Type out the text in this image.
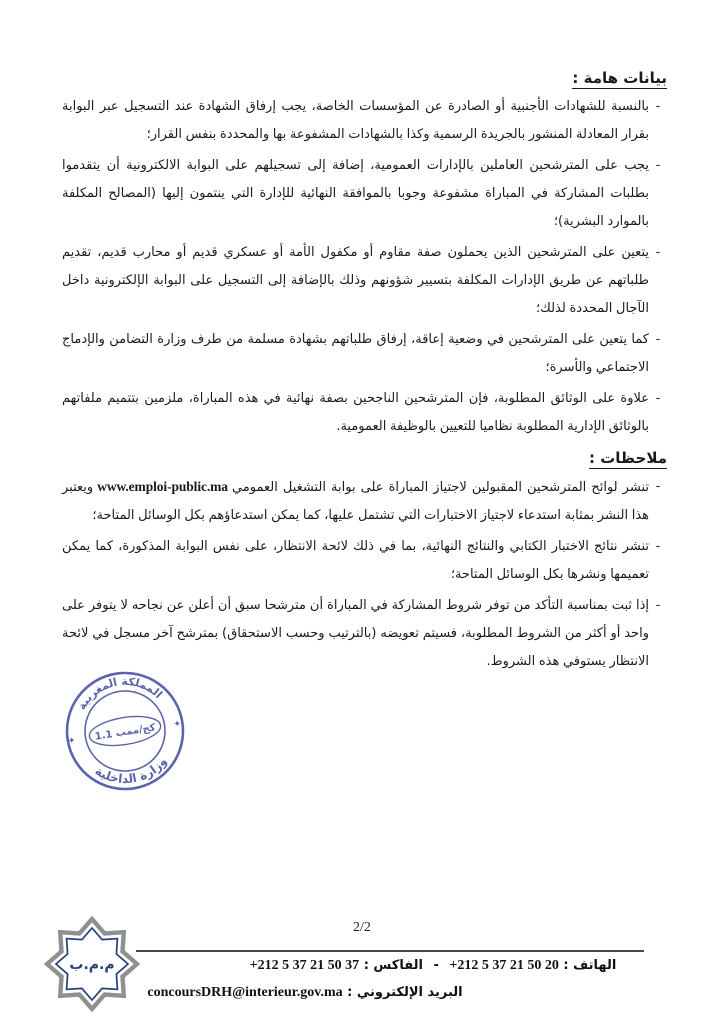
بيانات هامة :
-
بالنسبة للشهادات الأجنبية أو الصادرة عن المؤسسات الخاصة، يجب إرفاق الشهادة عند التسجيل عبر البوابة بقرار المعادلة المنشور بالجريدة الرسمية وكذا بالشهادات المشفوعة بها والمحددة بنفس القرار؛
-
يجب على المترشحين العاملين بالإدارات العمومية، إضافة إلى تسجيلهم على البوابة الالكترونية أن يتقدموا بطلبات المشاركة في المباراة مشفوعة وجوبا بالموافقة النهائية للإدارة التي ينتمون إليها (المصالح المكلفة بالموارد البشرية)؛
-
يتعين على المترشحين الذين يحملون صفة مقاوم أو مكفول الأمة أو عسكري قديم أو محارب قديم، تقديم طلباتهم عن طريق الإدارات المكلفة بتسيير شؤونهم وذلك بالإضافة إلى التسجيل على البوابة الإلكترونية داخل الآجال المحددة لذلك؛
-
كما يتعين على المترشحين في وضعية إعاقة، إرفاق طلباتهم بشهادة مسلمة من طرف وزارة التضامن والإدماج الاجتماعي والأسرة؛
-
علاوة على الوثائق المطلوبة، فإن المترشحين الناجحين بصفة نهائية في هذه المباراة، ملزمين بتتميم ملفاتهم بالوثائق الإدارية المطلوبة نظاميا للتعيين بالوظيفة العمومية.
ملاحظات :
-
تنشر لوائح المترشحين المقبولين لاجتياز المباراة على بوابة التشغيل العموميwww.emploi-public.maويعتبر هذا النشر بمثابة استدعاء لاجتياز الاختبارات التي تشتمل عليها، كما يمكن استدعاؤهم بكل الوسائل المتاحة؛
-
تنشر نتائج الاختبار الكتابي والنتائج النهائية، بما في ذلك لائحة الانتظار، على نفس البوابة المذكورة، كما يمكن تعميمها ونشرها بكل الوسائل المتاحة؛
-
إذا ثبت بمناسبة التأكد من توفر شروط المشاركة في المباراة أن مترشحا سبق أن أعلن عن نجاحه لا يتوفر على واحد أو أكثر من الشروط المطلوبة، فسيتم تعويضه (بالترتيب وحسب الاستحقاق) بمترشح آخر مسجل في لائحة الانتظار يستوفي هذه الشروط.
المملكة المغربية
وزارة الداخلية
كح/ممب 1.1
✦
✦
2/2
م.م.ب	الهاتف : +212 5 37 21 50 20 - الفاكس : +212 5 37 21 50 37
البريد الإلكتروني : concoursDRH@interieur.gov.ma
